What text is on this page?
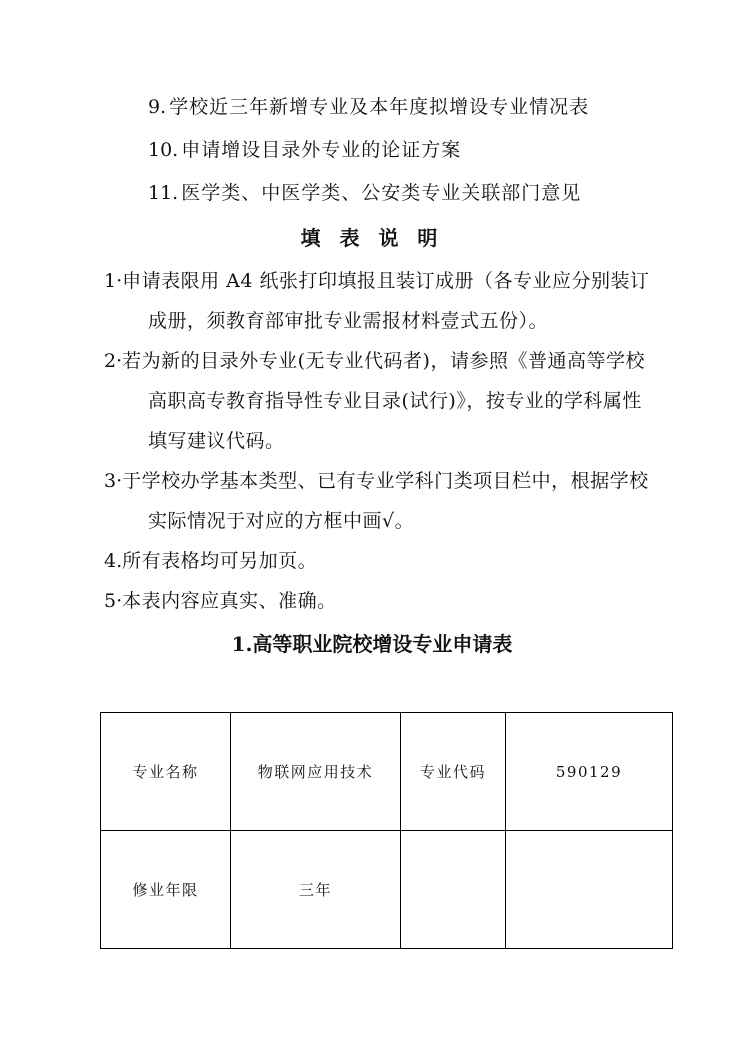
9. 学校近三年新增专业及本年度拟增设专业情况表
10. 申请增设目录外专业的论证方案
11. 医学类、中医学类、公安类专业关联部门意见
填 表 说 明
1·申请表限用 A4 纸张打印填报且装订成册（各专业应分别装订成册，须教育部审批专业需报材料壹式五份）。
2·若为新的目录外专业(无专业代码者)，请参照《普通高等学校高职高专教育指导性专业目录(试行)》，按专业的学科属性填写建议代码。
3·于学校办学基本类型、已有专业学科门类项目栏中，根据学校实际情况于对应的方框中画√。
4.所有表格均可另加页。
5·本表内容应真实、准确。
1.高等职业院校增设专业申请表
专业名称	物联网应用技术	专业代码	590129
修业年限	三年		
